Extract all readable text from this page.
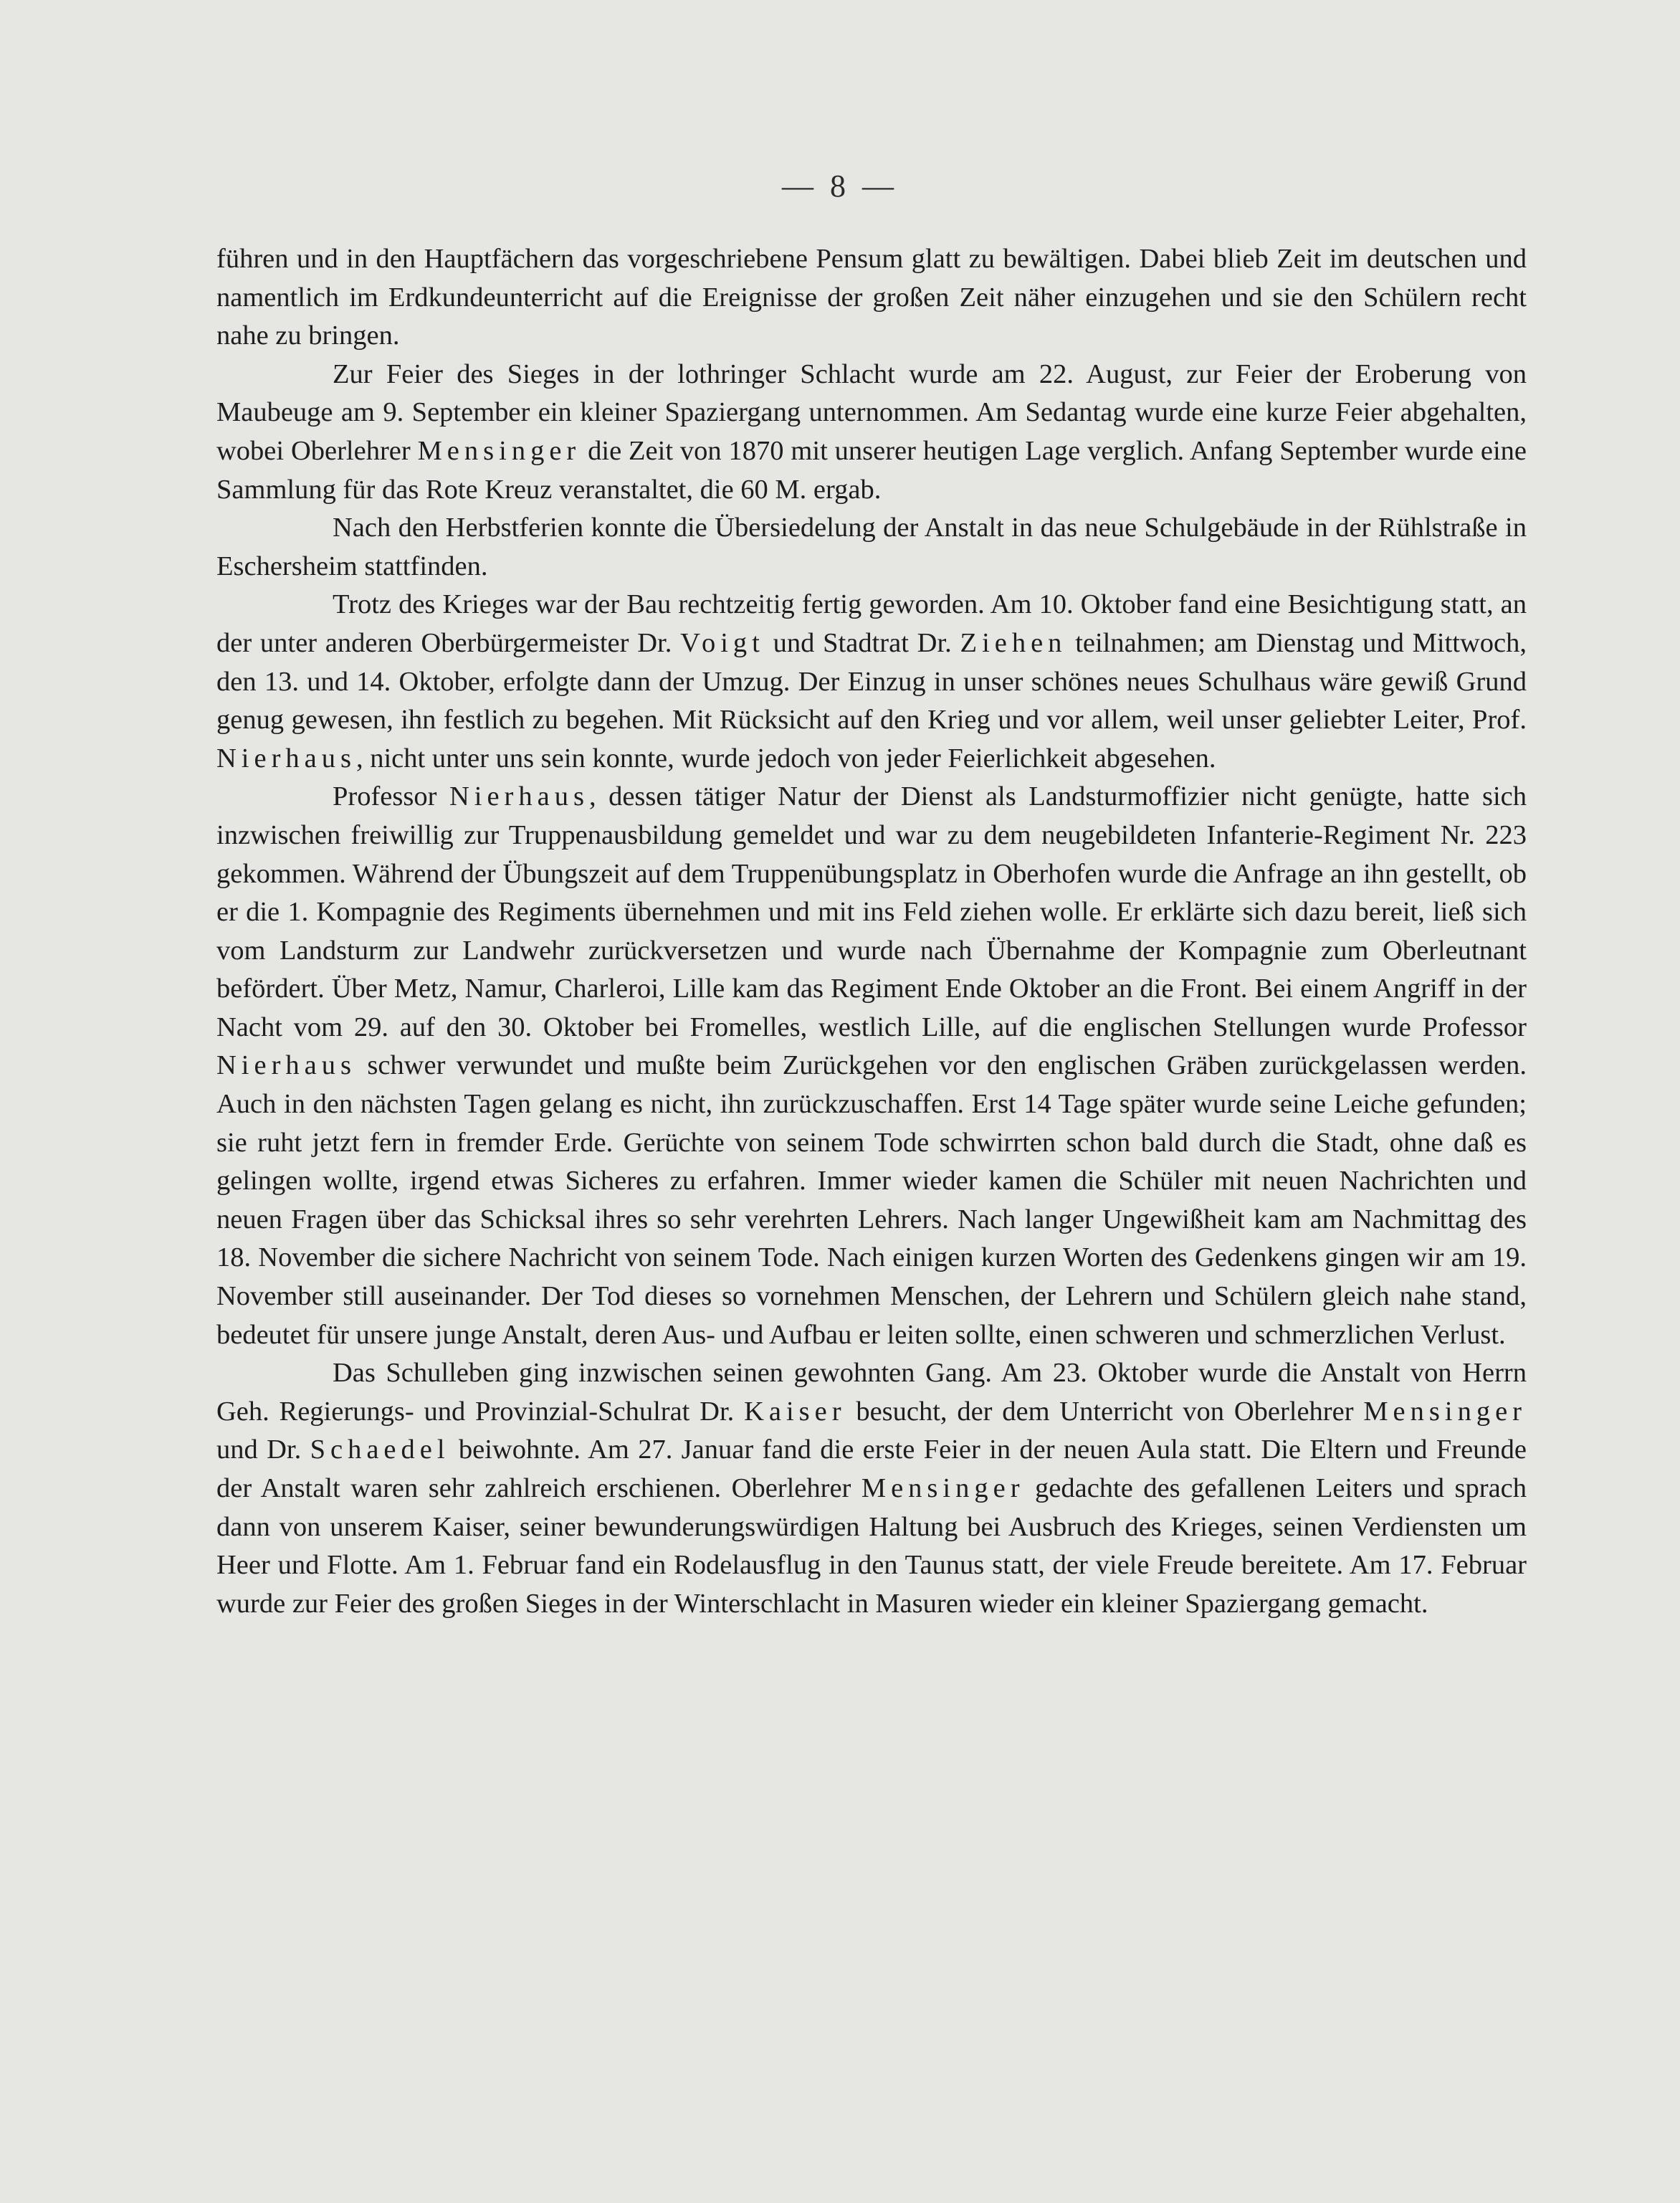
— 8 —

führen und in den Hauptfächern das vorgeschriebene Pensum glatt zu bewältigen. Dabei blieb Zeit im deutschen und namentlich im Erdkundeunterricht auf die Ereignisse der großen Zeit näher einzugehen und sie den Schülern recht nahe zu bringen.

Zur Feier des Sieges in der lothringer Schlacht wurde am 22. August, zur Feier der Eroberung von Maubeuge am 9. September ein kleiner Spaziergang unternommen. Am Sedantag wurde eine kurze Feier abgehalten, wobei Oberlehrer Mensinger die Zeit von 1870 mit unserer heutigen Lage verglich. Anfang September wurde eine Sammlung für das Rote Kreuz veranstaltet, die 60 M. ergab.

Nach den Herbstferien konnte die Übersiedelung der Anstalt in das neue Schulgebäude in der Rühlstraße in Eschersheim stattfinden.

Trotz des Krieges war der Bau rechtzeitig fertig geworden. Am 10. Oktober fand eine Besichtigung statt, an der unter anderen Oberbürgermeister Dr. Voigt und Stadtrat Dr. Ziehen teilnahmen; am Dienstag und Mittwoch, den 13. und 14. Oktober, erfolgte dann der Umzug. Der Einzug in unser schönes neues Schulhaus wäre gewiß Grund genug gewesen, ihn festlich zu begehen. Mit Rücksicht auf den Krieg und vor allem, weil unser geliebter Leiter, Prof. Nierhaus, nicht unter uns sein konnte, wurde jedoch von jeder Feierlichkeit abgesehen.

Professor Nierhaus, dessen tätiger Natur der Dienst als Landsturmoffizier nicht genügte, hatte sich inzwischen freiwillig zur Truppenausbildung gemeldet und war zu dem neugebildeten Infanterie-Regiment Nr. 223 gekommen. Während der Übungszeit auf dem Truppenübungsplatz in Oberhofen wurde die Anfrage an ihn gestellt, ob er die 1. Kompagnie des Regiments übernehmen und mit ins Feld ziehen wolle. Er erklärte sich dazu bereit, ließ sich vom Landsturm zur Landwehr zurückversetzen und wurde nach Übernahme der Kompagnie zum Oberleutnant befördert. Über Metz, Namur, Charleroi, Lille kam das Regiment Ende Oktober an die Front. Bei einem Angriff in der Nacht vom 29. auf den 30. Oktober bei Fromelles, westlich Lille, auf die englischen Stellungen wurde Professor Nierhaus schwer verwundet und mußte beim Zurückgehen vor den englischen Gräben zurückgelassen werden. Auch in den nächsten Tagen gelang es nicht, ihn zurückzuschaffen. Erst 14 Tage später wurde seine Leiche gefunden; sie ruht jetzt fern in fremder Erde. Gerüchte von seinem Tode schwirrten schon bald durch die Stadt, ohne daß es gelingen wollte, irgend etwas Sicheres zu erfahren. Immer wieder kamen die Schüler mit neuen Nachrichten und neuen Fragen über das Schicksal ihres so sehr verehrten Lehrers. Nach langer Ungewißheit kam am Nachmittag des 18. November die sichere Nachricht von seinem Tode. Nach einigen kurzen Worten des Gedenkens gingen wir am 19. November still auseinander. Der Tod dieses so vornehmen Menschen, der Lehrern und Schülern gleich nahe stand, bedeutet für unsere junge Anstalt, deren Aus- und Aufbau er leiten sollte, einen schweren und schmerzlichen Verlust.

Das Schulleben ging inzwischen seinen gewohnten Gang. Am 23. Oktober wurde die Anstalt von Herrn Geh. Regierungs- und Provinzial-Schulrat Dr. Kaiser besucht, der dem Unterricht von Oberlehrer Mensinger und Dr. Schaedel beiwohnte. Am 27. Januar fand die erste Feier in der neuen Aula statt. Die Eltern und Freunde der Anstalt waren sehr zahlreich erschienen. Oberlehrer Mensinger gedachte des gefallenen Leiters und sprach dann von unserem Kaiser, seiner bewunderungswürdigen Haltung bei Ausbruch des Krieges, seinen Verdiensten um Heer und Flotte. Am 1. Februar fand ein Rodelausflug in den Taunus statt, der viele Freude bereitete. Am 17. Februar wurde zur Feier des großen Sieges in der Winterschlacht in Masuren wieder ein kleiner Spaziergang gemacht.
